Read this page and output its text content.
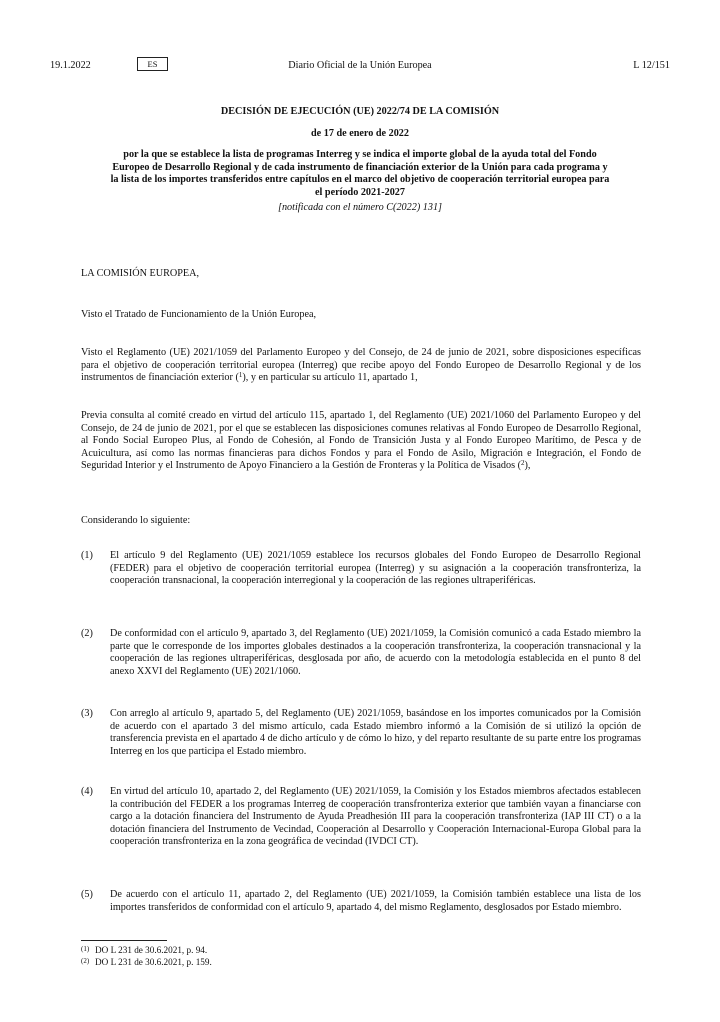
19.1.2022	Diario Oficial de la Unión Europea
ES	L 12/151

DECISIÓN DE EJECUCIÓN (UE) 2022/74 DE LA COMISIÓN

de 17 de enero de 2022

por la que se establece la lista de programas Interreg y se indica el importe global de la ayuda total del Fondo Europeo de Desarrollo Regional y de cada instrumento de financiación exterior de la Unión para cada programa y la lista de los importes transferidos entre capítulos en el marco del objetivo de cooperación territorial europea para el período 2021-2027

[notificada con el número C(2022) 131]

LA COMISIÓN EUROPEA,

Visto el Tratado de Funcionamiento de la Unión Europea,

Visto el Reglamento (UE) 2021/1059 del Parlamento Europeo y del Consejo, de 24 de junio de 2021, sobre disposiciones específicas para el objetivo de cooperación territorial europea (Interreg) que recibe apoyo del Fondo Europeo de Desarrollo Regional y de los instrumentos de financiación exterior ($^1$), y en particular su artículo 11, apartado 1,

Previa consulta al comité creado en virtud del artículo 115, apartado 1, del Reglamento (UE) 2021/1060 del Parlamento Europeo y del Consejo, de 24 de junio de 2021, por el que se establecen las disposiciones comunes relativas al Fondo Europeo de Desarrollo Regional, al Fondo Social Europeo Plus, al Fondo de Cohesión, al Fondo de Transición Justa y al Fondo Europeo Marítimo, de Pesca y de Acuicultura, así como las normas financieras para dichos Fondos y para el Fondo de Asilo, Migración e Integración, el Fondo de Seguridad Interior y el Instrumento de Apoyo Financiero a la Gestión de Fronteras y la Política de Visados ($^2$),

Considerando lo siguiente:

(1) El artículo 9 del Reglamento (UE) 2021/1059 establece los recursos globales del Fondo Europeo de Desarrollo Regional (FEDER) para el objetivo de cooperación territorial europea (Interreg) y su asignación a la cooperación transfronteriza, la cooperación transnacional, la cooperación interregional y la cooperación de las regiones ultraperiféricas.
(2) De conformidad con el artículo 9, apartado 3, del Reglamento (UE) 2021/1059, la Comisión comunicó a cada Estado miembro la parte que le corresponde de los importes globales destinados a la cooperación transfronteriza, la cooperación transnacional y la cooperación de las regiones ultraperiféricas, desglosada por año, de acuerdo con la metodología establecida en el punto 8 del anexo XXVI del Reglamento (UE) 2021/1060.
(3) Con arreglo al artículo 9, apartado 5, del Reglamento (UE) 2021/1059, basándose en los importes comunicados por la Comisión de acuerdo con el apartado 3 del mismo artículo, cada Estado miembro informó a la Comisión de si utilizó la opción de transferencia prevista en el apartado 4 de dicho artículo y de cómo lo hizo, y del reparto resultante de su parte entre los programas Interreg en los que participa el Estado miembro.
(4) En virtud del artículo 10, apartado 2, del Reglamento (UE) 2021/1059, la Comisión y los Estados miembros afectados establecen la contribución del FEDER a los programas Interreg de cooperación transfronteriza exterior que también vayan a financiarse con cargo a la dotación financiera del Instrumento de Ayuda Preadhesión III para la cooperación transfronteriza (IAP III CT) o a la dotación financiera del Instrumento de Vecindad, Cooperación al Desarrollo y Cooperación Internacional-Europa Global para la cooperación transfronteriza en la zona geográfica de vecindad (IVDCI CT).
(5) De acuerdo con el artículo 11, apartado 2, del Reglamento (UE) 2021/1059, la Comisión también establece una lista de los importes transferidos de conformidad con el artículo 9, apartado 4, del mismo Reglamento, desglosados por Estado miembro.
(1) DO L 231 de 30.6.2021, p. 94.
(2) DO L 231 de 30.6.2021, p. 159.
